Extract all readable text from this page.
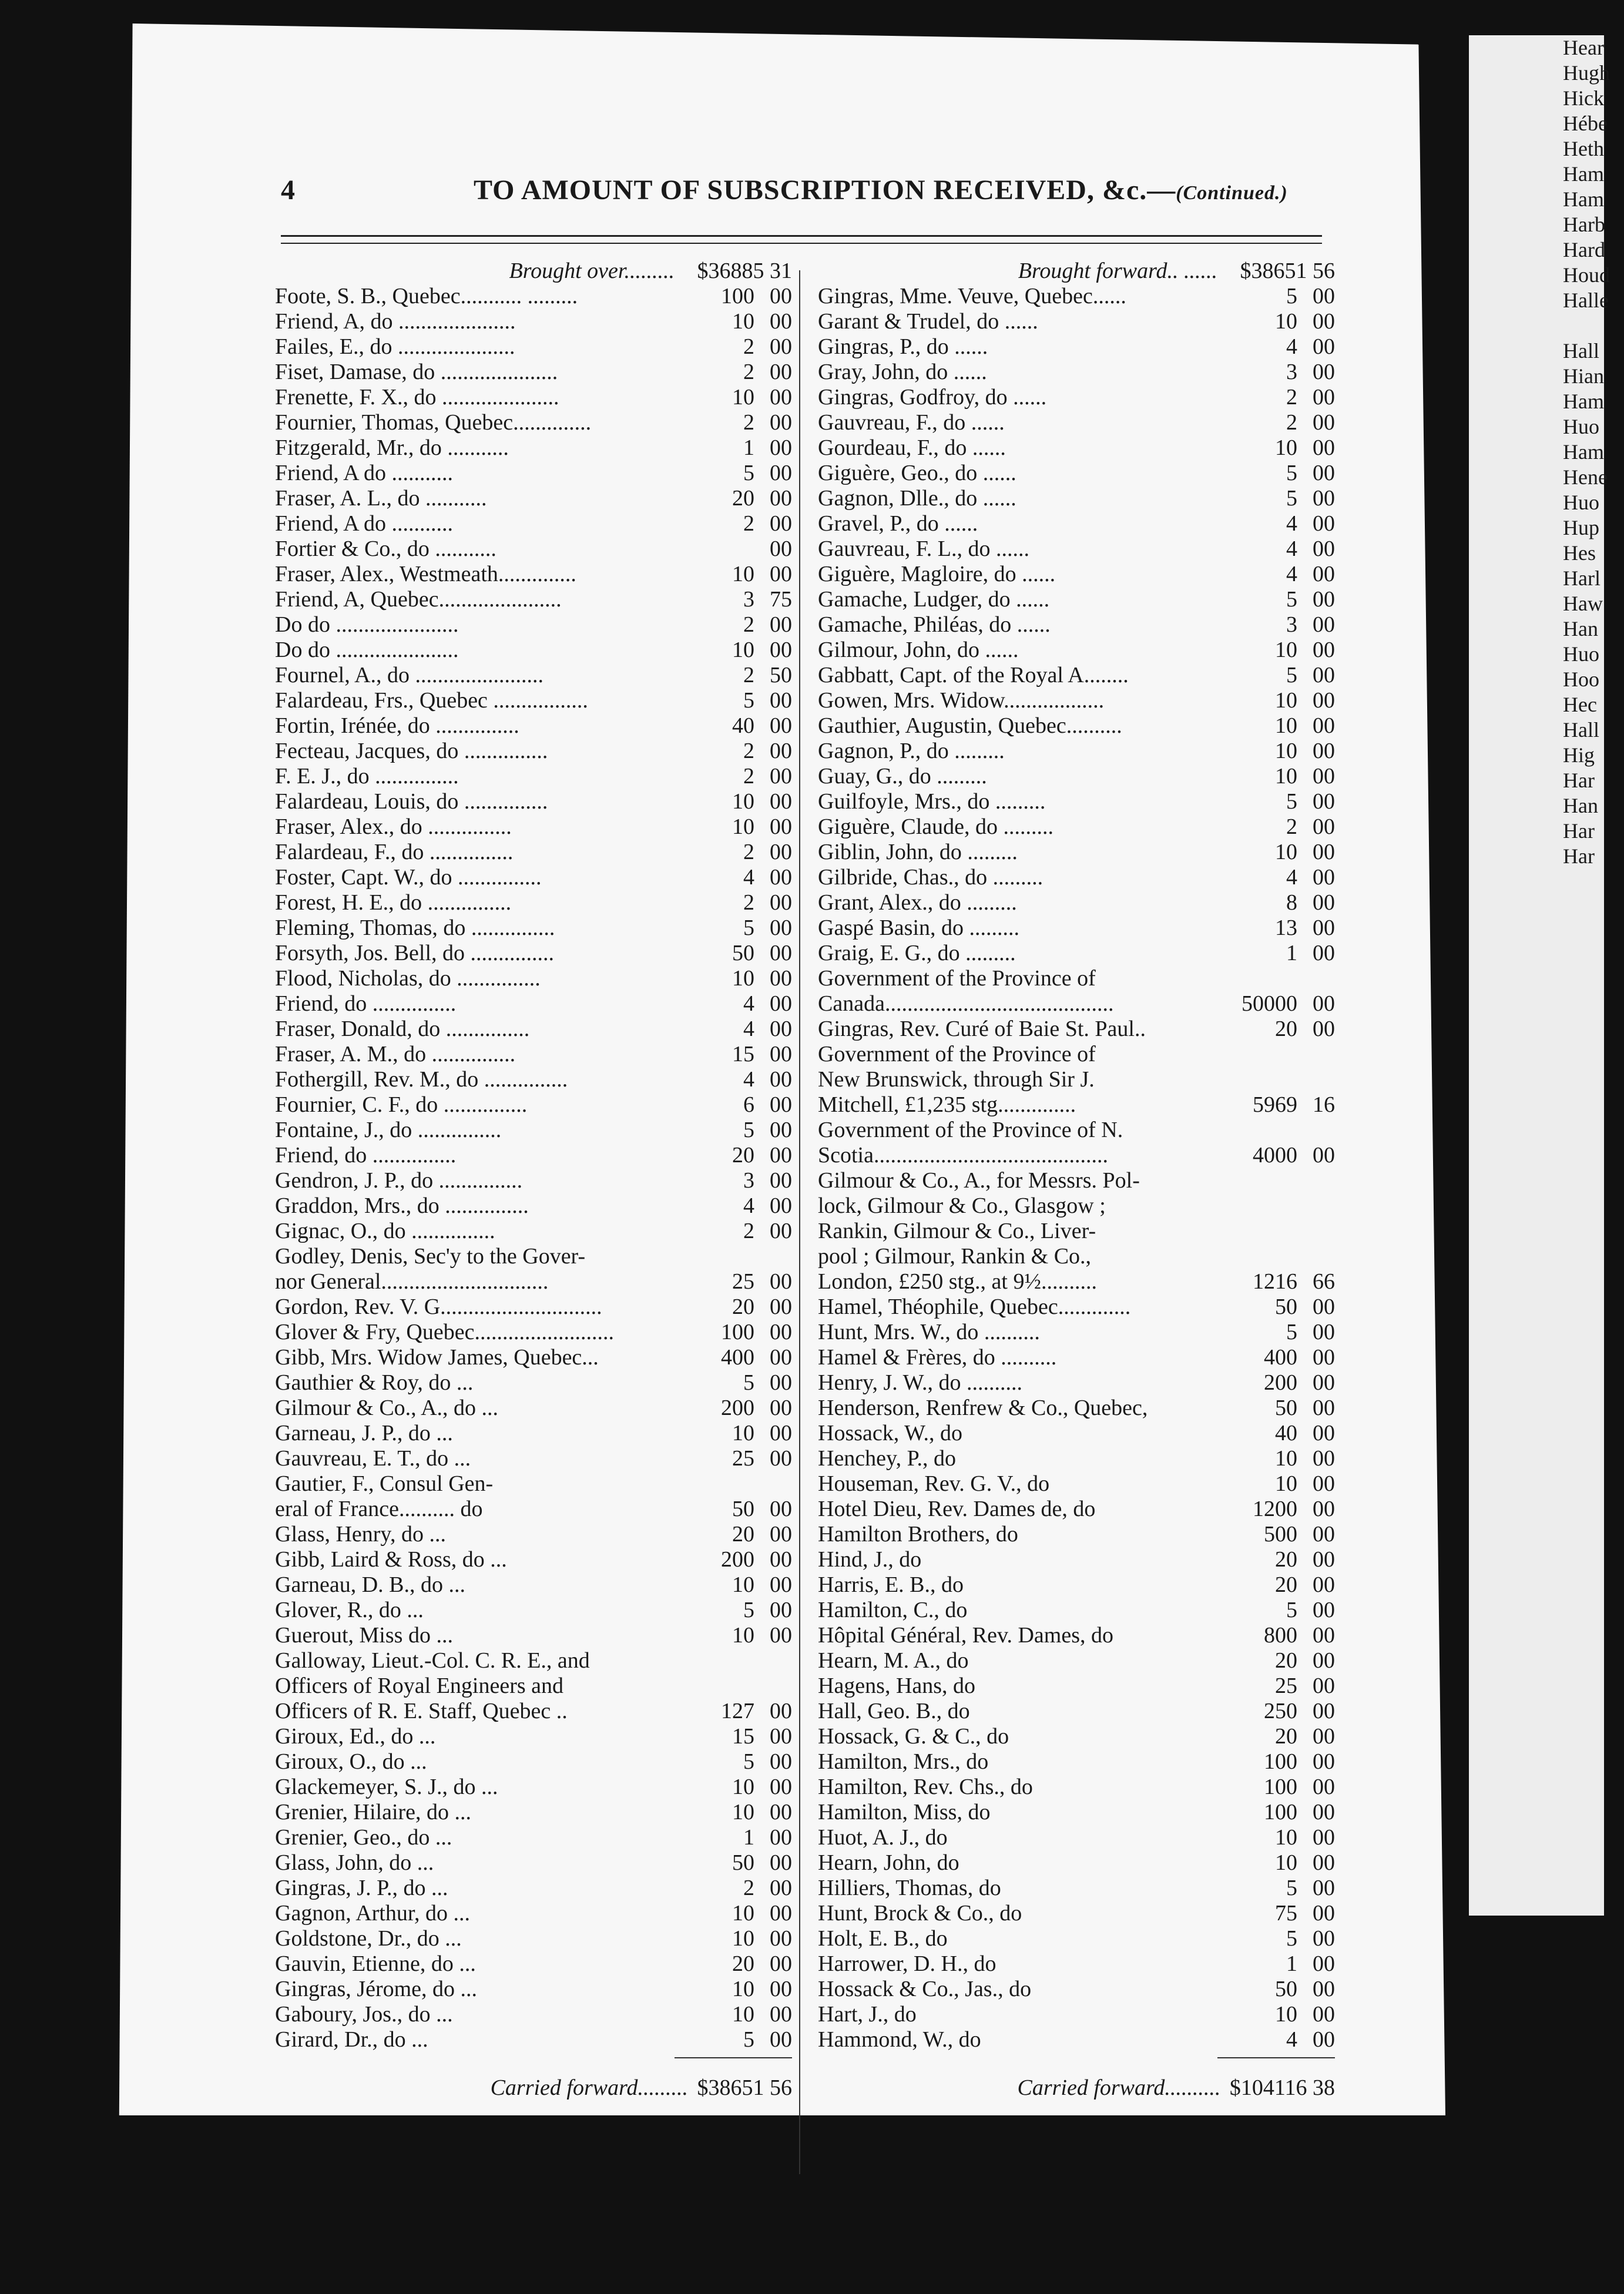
4	TO AMOUNT OF SUBSCRIPTION RECEIVED, &c.—(Continued.)
Brought over......... $36885 31
Foote, S. B., Quebec........... .........	100 00
Friend, A, do .....................	10 00
Failes, E., do .....................	2 00
Fiset, Damase, do .....................	2 00
Frenette, F. X., do .....................	10 00
Fournier, Thomas, Quebec..............	2 00
Fitzgerald, Mr., do ...........	1 00
Friend, A do ...........	5 00
Fraser, A. L., do ...........	20 00
Friend, A do ...........	2 00
Fortier & Co., do ...........	00
Fraser, Alex., Westmeath..............	10 00
Friend, A, Quebec......................	3 75
Do do ......................	2 00
Do do ......................	10 00
Fournel, A., do .......................	2 50
Falardeau, Frs., Quebec .................	5 00
Fortin, Irénée, do ...............	40 00
Fecteau, Jacques, do ...............	2 00
F. E. J., do ...............	2 00
Falardeau, Louis, do ...............	10 00
Fraser, Alex., do ...............	10 00
Falardeau, F., do ...............	2 00
Foster, Capt. W., do ...............	4 00
Forest, H. E., do ...............	2 00
Fleming, Thomas, do ...............	5 00
Forsyth, Jos. Bell, do ...............	50 00
Flood, Nicholas, do ...............	10 00
Friend, do ...............	4 00
Fraser, Donald, do ...............	4 00
Fraser, A. M., do ...............	15 00
Fothergill, Rev. M., do ...............	4 00
Fournier, C. F., do ...............	6 00
Fontaine, J., do ...............	5 00
Friend, do ...............	20 00
Gendron, J. P., do ...............	3 00
Graddon, Mrs., do ...............	4 00
Gignac, O., do ...............	2 00
Godley, Denis, Sec'y to the Gover-
nor General..............................	25 00
Gordon, Rev. V. G.............................	20 00
Glover & Fry, Quebec.........................	100 00
Gibb, Mrs. Widow James, Quebec...	400 00
Gauthier & Roy, do ...	5 00
Gilmour & Co., A., do ...	200 00
Garneau, J. P., do ...	10 00
Gauvreau, E. T., do ...	25 00
Gautier, F., Consul Gen-
eral of France.......... do	50 00
Glass, Henry, do ...	20 00
Gibb, Laird & Ross, do ...	200 00
Garneau, D. B., do ...	10 00
Glover, R., do ...	5 00
Guerout, Miss do ...	10 00
Galloway, Lieut.-Col. C. R. E., and
Officers of Royal Engineers and
Officers of R. E. Staff, Quebec ..	127 00
Giroux, Ed., do ...	15 00
Giroux, O., do ...	5 00
Glackemeyer, S. J., do ...	10 00
Grenier, Hilaire, do ...	10 00
Grenier, Geo., do ...	1 00
Glass, John, do ...	50 00
Gingras, J. P., do ...	2 00
Gagnon, Arthur, do ...	10 00
Goldstone, Dr., do ...	10 00
Gauvin, Etienne, do ...	20 00
Gingras, Jérome, do ...	10 00
Gaboury, Jos., do ...	10 00
Girard, Dr., do ...	5 00
Carried forward......... $38651 56
Brought forward.. ...... $38651 56
Gingras, Mme. Veuve, Quebec......	5 00
Garant & Trudel, do ......	10 00
Gingras, P., do ......	4 00
Gray, John, do ......	3 00
Gingras, Godfroy, do ......	2 00
Gauvreau, F., do ......	2 00
Gourdeau, F., do ......	10 00
Giguère, Geo., do ......	5 00
Gagnon, Dlle., do ......	5 00
Gravel, P., do ......	4 00
Gauvreau, F. L., do ......	4 00
Giguère, Magloire, do ......	4 00
Gamache, Ludger, do ......	5 00
Gamache, Philéas, do ......	3 00
Gilmour, John, do ......	10 00
Gabbatt, Capt. of the Royal A........	5 00
Gowen, Mrs. Widow..................	10 00
Gauthier, Augustin, Quebec..........	10 00
Gagnon, P., do .........	10 00
Guay, G., do .........	10 00
Guilfoyle, Mrs., do .........	5 00
Giguère, Claude, do .........	2 00
Giblin, John, do .........	10 00
Gilbride, Chas., do .........	4 00
Grant, Alex., do .........	8 00
Gaspé Basin, do .........	13 00
Graig, E. G., do .........	1 00
Government of the Province of
Canada.........................................	50000 00
Gingras, Rev. Curé of Baie St. Paul..	20 00
Government of the Province of
New Brunswick, through Sir J.
Mitchell, £1,235 stg..............	5969 16
Government of the Province of N.
Scotia..........................................	4000 00
Gilmour & Co., A., for Messrs. Pol-
lock, Gilmour & Co., Glasgow ;
Rankin, Gilmour & Co., Liver-
pool ; Gilmour, Rankin & Co.,
London, £250 stg., at 9½..........	1216 66
Hamel, Théophile, Quebec.............	50 00
Hunt, Mrs. W., do ..........	5 00
Hamel & Frères, do ..........	400 00
Henry, J. W., do ..........	200 00
Henderson, Renfrew & Co., Quebec,	50 00
Hossack, W., do	40 00
Henchey, P., do	10 00
Houseman, Rev. G. V., do	10 00
Hotel Dieu, Rev. Dames de, do	1200 00
Hamilton Brothers, do	500 00
Hind, J., do	20 00
Harris, E. B., do	20 00
Hamilton, C., do	5 00
Hôpital Général, Rev. Dames, do	800 00
Hearn, M. A., do	20 00
Hagens, Hans, do	25 00
Hall, Geo. B., do	250 00
Hossack, G. & C., do	20 00
Hamilton, Mrs., do	100 00
Hamilton, Rev. Chs., do	100 00
Hamilton, Miss, do	100 00
Huot, A. J., do	10 00
Hearn, John, do	10 00
Hilliers, Thomas, do	5 00
Hunt, Brock & Co., do	75 00
Holt, E. B., do	5 00
Harrower, D. H., do	1 00
Hossack & Co., Jas., do	50 00
Hart, J., do	10 00
Hammond, W., do	4 00
Carried forward.......... $104116 38
Hear
Hugh
Hick
Hébe
Heth
Ham
Ham
Harb
Hard
Houd
Halle
Hall
Hian
Ham
Huo
Ham
Hene
Huo
Hup
Hes
Harl
Haw
Han
Huo
Hoo
Hec
Hall
Hig
Har
Han
Har
Har
